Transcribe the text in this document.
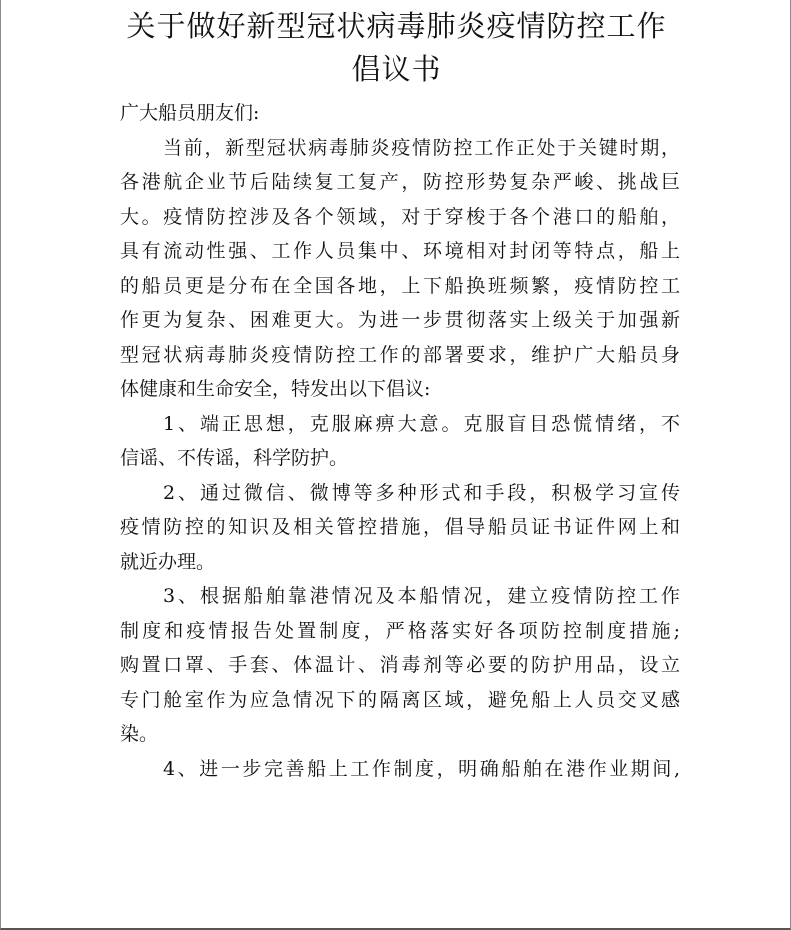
关于做好新型冠状病毒肺炎疫情防控工作
倡议书
广大船员朋友们:
当前，新型冠状病毒肺炎疫情防控工作正处于关键时期，
各港航企业节后陆续复工复产，防控形势复杂严峻、挑战巨
大。疫情防控涉及各个领域，对于穿梭于各个港口的船舶，
具有流动性强、工作人员集中、环境相对封闭等特点，船上
的船员更是分布在全国各地，上下船换班频繁，疫情防控工
作更为复杂、困难更大。为进一步贯彻落实上级关于加强新
型冠状病毒肺炎疫情防控工作的部署要求，维护广大船员身
体健康和生命安全，特发出以下倡议:
1、端正思想，克服麻痹大意。克服盲目恐慌情绪，不
信谣、不传谣，科学防护。
2、通过微信、微博等多种形式和手段，积极学习宣传
疫情防控的知识及相关管控措施，倡导船员证书证件网上和
就近办理。
3、根据船舶靠港情况及本船情况，建立疫情防控工作
制度和疫情报告处置制度，严格落实好各项防控制度措施;
购置口罩、手套、体温计、消毒剂等必要的防护用品，设立
专门舱室作为应急情况下的隔离区域，避免船上人员交叉感
染。
4、进一步完善船上工作制度，明确船舶在港作业期间,
